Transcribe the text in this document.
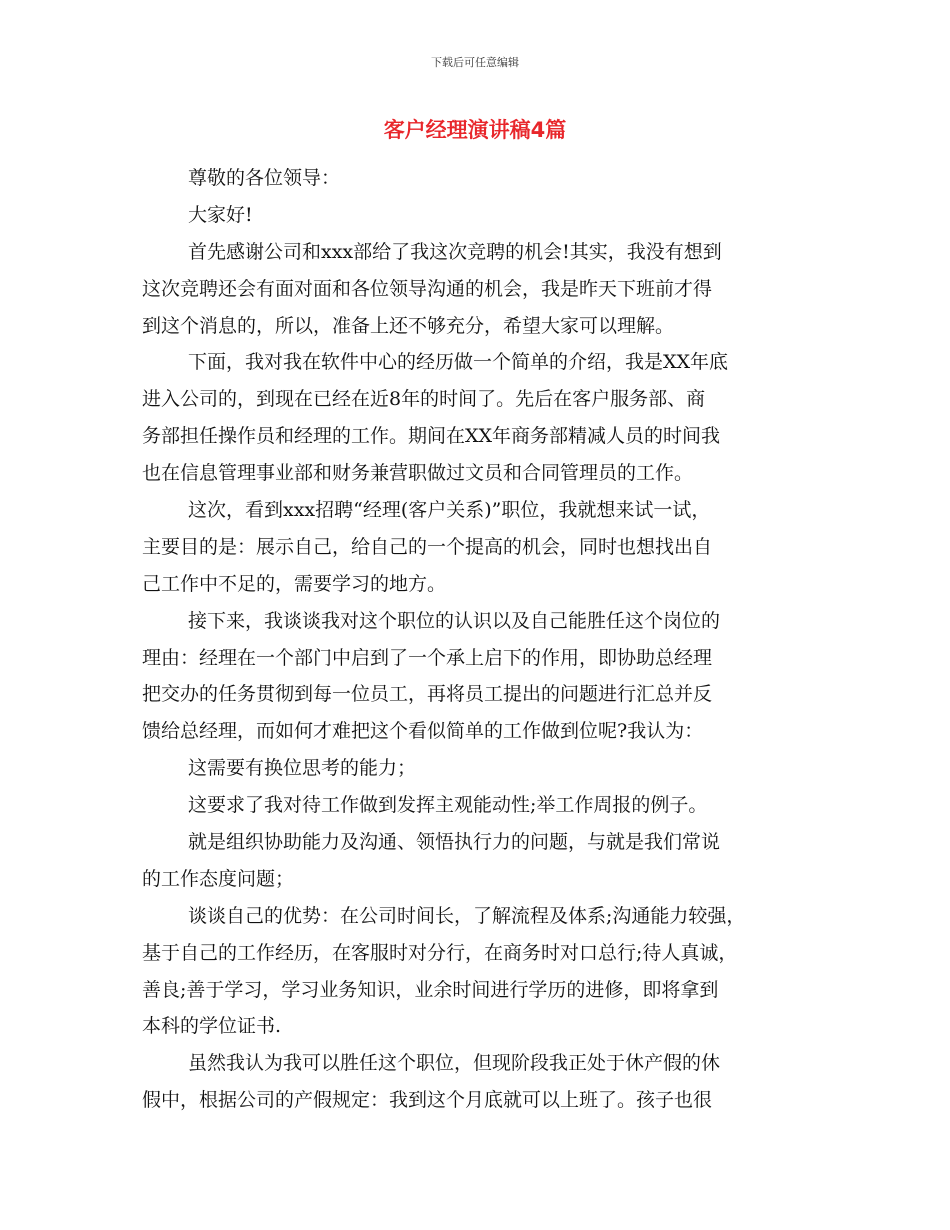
下载后可任意编辑
客户经理演讲稿4篇
尊敬的各位领导：
大家好!
首先感谢公司和xxx部给了我这次竞聘的机会!其实，我没有想到
这次竞聘还会有面对面和各位领导沟通的机会，我是昨天下班前才得
到这个消息的，所以，准备上还不够充分，希望大家可以理解。
下面，我对我在软件中心的经历做一个简单的介绍，我是XX年底
进入公司的，到现在已经在近8年的时间了。先后在客户服务部、商
务部担任操作员和经理的工作。期间在XX年商务部精减人员的时间我
也在信息管理事业部和财务兼营职做过文员和合同管理员的工作。
这次，看到xxx招聘“经理(客户关系)”职位，我就想来试一试，
主要目的是：展示自己，给自己的一个提高的机会，同时也想找出自
己工作中不足的，需要学习的地方。
接下来，我谈谈我对这个职位的认识以及自己能胜任这个岗位的
理由：经理在一个部门中启到了一个承上启下的作用，即协助总经理
把交办的任务贯彻到每一位员工，再将员工提出的问题进行汇总并反
馈给总经理，而如何才难把这个看似简单的工作做到位呢?我认为：
这需要有换位思考的能力；
这要求了我对待工作做到发挥主观能动性;举工作周报的例子。
就是组织协助能力及沟通、领悟执行力的问题，与就是我们常说
的工作态度问题；
谈谈自己的优势：在公司时间长，了解流程及体系;沟通能力较强，
基于自己的工作经历，在客服时对分行，在商务时对口总行;待人真诚，
善良;善于学习，学习业务知识，业余时间进行学历的进修，即将拿到
本科的学位证书.
虽然我认为我可以胜任这个职位，但现阶段我正处于休产假的休
假中，根据公司的产假规定：我到这个月底就可以上班了。孩子也很
